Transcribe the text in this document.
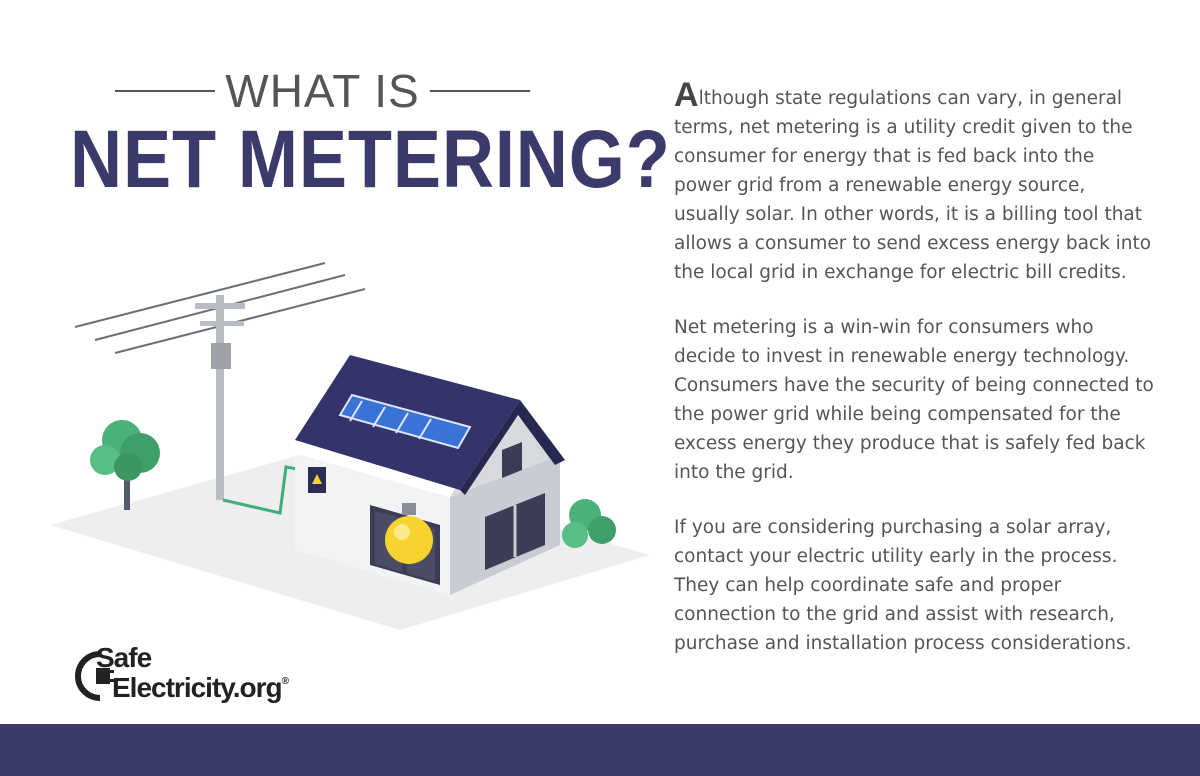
WHAT IS
NET METERING?

Although state regulations can vary, in general terms, net metering is a utility credit given to the consumer for energy that is fed back into the power grid from a renewable energy source, usually solar. In other words, it is a billing tool that allows a consumer to send excess energy back into the local grid in exchange for electric bill credits.

Net metering is a win-win for consumers who decide to invest in renewable energy technology. Consumers have the security of being connected to the power grid while being compensated for the excess energy they produce that is safely fed back into the grid.

If you are considering purchasing a solar array, contact your electric utility early in the process. They can help coordinate safe and proper connection to the grid and assist with research, purchase and installation process considerations.

Safe
Electricity.org®
